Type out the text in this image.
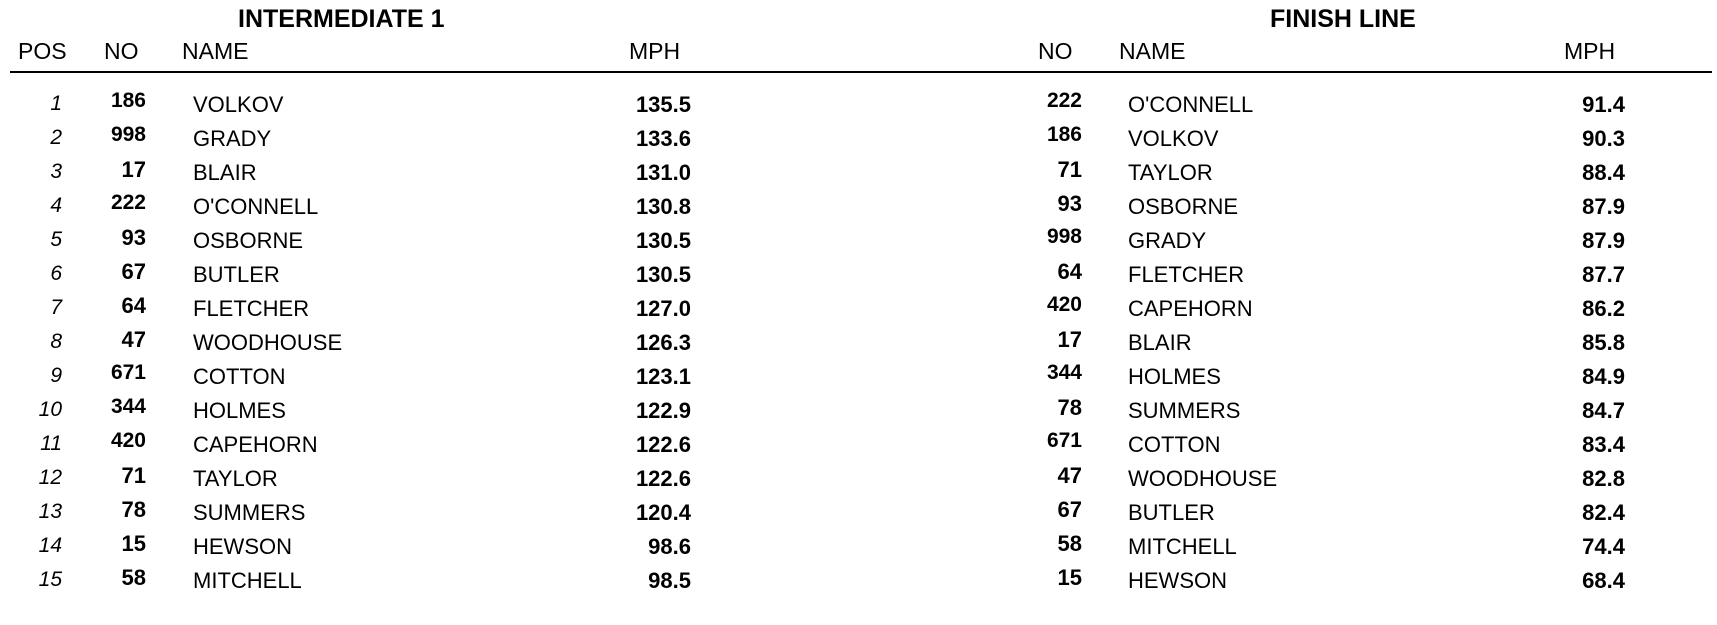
INTERMEDIATE 1	FINISH LINE
POS NO NAME	MPH	NO NAME	MPH
1	186 VOLKOV	135.5	222 O'CONNELL	91.4
2	998 GRADY	133.6	186 VOLKOV	90.3
3	17 BLAIR	131.0	71 TAYLOR	88.4
4	222 O'CONNELL	130.8	93 OSBORNE	87.9
5	93 OSBORNE	130.5	998 GRADY	87.9
6	67 BUTLER	130.5	64 FLETCHER	87.7
7	64 FLETCHER	127.0	420 CAPEHORN	86.2
8	47 WOODHOUSE	126.3	17 BLAIR	85.8
9	671 COTTON	123.1	344 HOLMES	84.9
10	344 HOLMES	122.9	78 SUMMERS	84.7
11	420 CAPEHORN	122.6	671 COTTON	83.4
12	71 TAYLOR	122.6	47 WOODHOUSE	82.8
13	78 SUMMERS	120.4	67 BUTLER	82.4
14	15 HEWSON	98.6	58 MITCHELL	74.4
15	58 MITCHELL	98.5	15 HEWSON	68.4
